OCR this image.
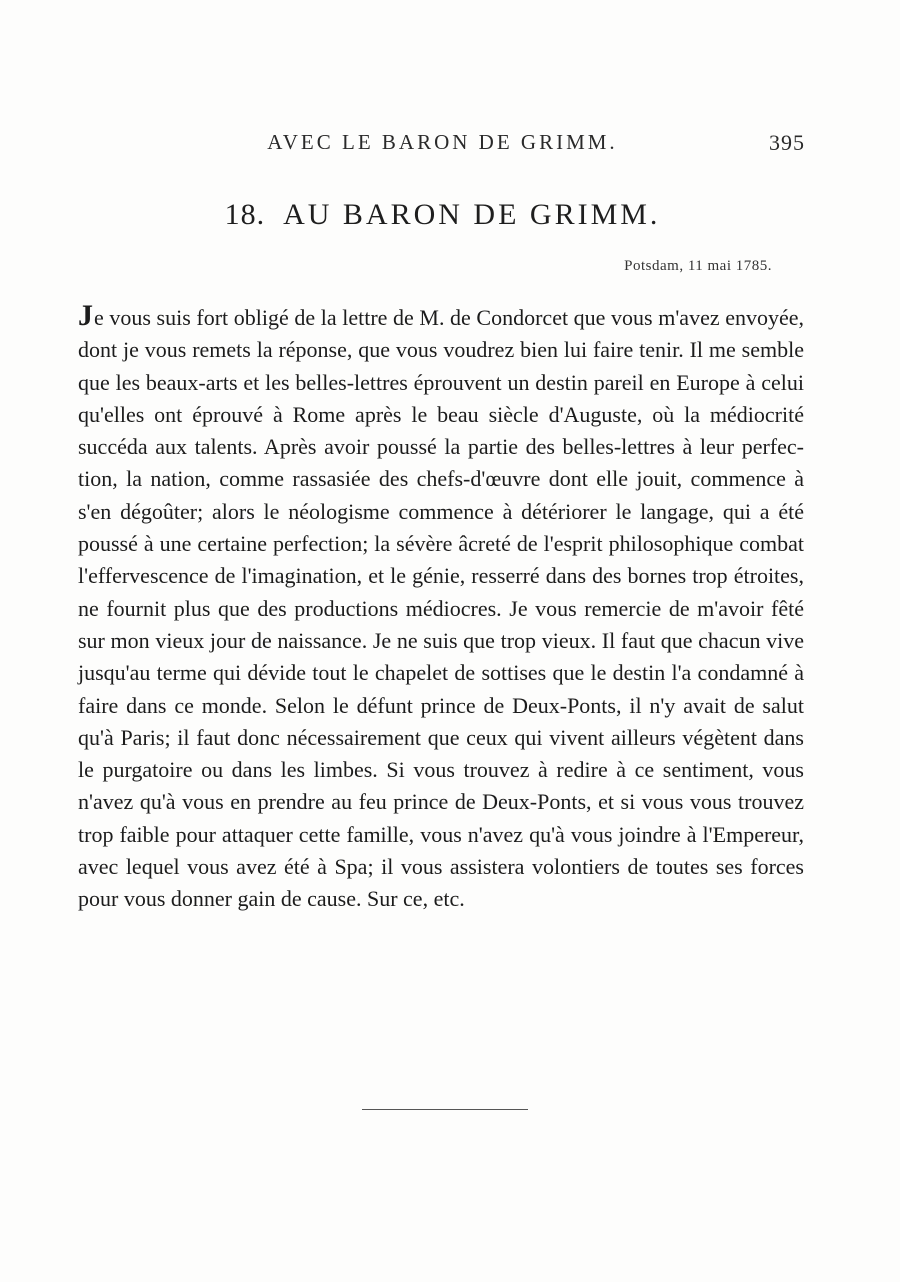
AVEC LE BARON DE GRIMM.	395
18. AU BARON DE GRIMM.
Potsdam, 11 mai 1785.

Je vous suis fort obligé de la lettre de M. de Condorcet que vous m'avez envoyée, dont je vous remets la réponse, que vous voudrez bien lui faire tenir. Il me semble que les beaux-arts et les belles-lettres éprouvent un destin pareil en Europe à celui qu'elles ont éprouvé à Rome après le beau siècle d'Auguste, où la médiocrité succéda aux talents. Après avoir poussé la partie des belles-lettres à leur perfection, la nation, comme rassasiée des chefs-d'œuvre dont elle jouit, commence à s'en dégoûter; alors le néologisme commence à détériorer le langage, qui a été poussé à une certaine perfection; la sévère âcreté de l'esprit philosophique combat l'effervescence de l'imagination, et le génie, resserré dans des bornes trop étroites, ne fournit plus que des productions médiocres. Je vous remercie de m'avoir fêté sur mon vieux jour de naissance. Je ne suis que trop vieux. Il faut que chacun vive jusqu'au terme qui dévide tout le chapelet de sottises que le destin l'a condamné à faire dans ce monde. Selon le défunt prince de Deux-Ponts, il n'y avait de salut qu'à Paris; il faut donc nécessairement que ceux qui vivent ailleurs végètent dans le purgatoire ou dans les limbes. Si vous trouvez à redire à ce sentiment, vous n'avez qu'à vous en prendre au feu prince de Deux-Ponts, et si vous vous trouvez trop faible pour attaquer cette famille, vous n'avez qu'à vous joindre à l'Empereur, avec lequel vous avez été à Spa; il vous assistera volontiers de toutes ses forces pour vous donner gain de cause. Sur ce, etc.
